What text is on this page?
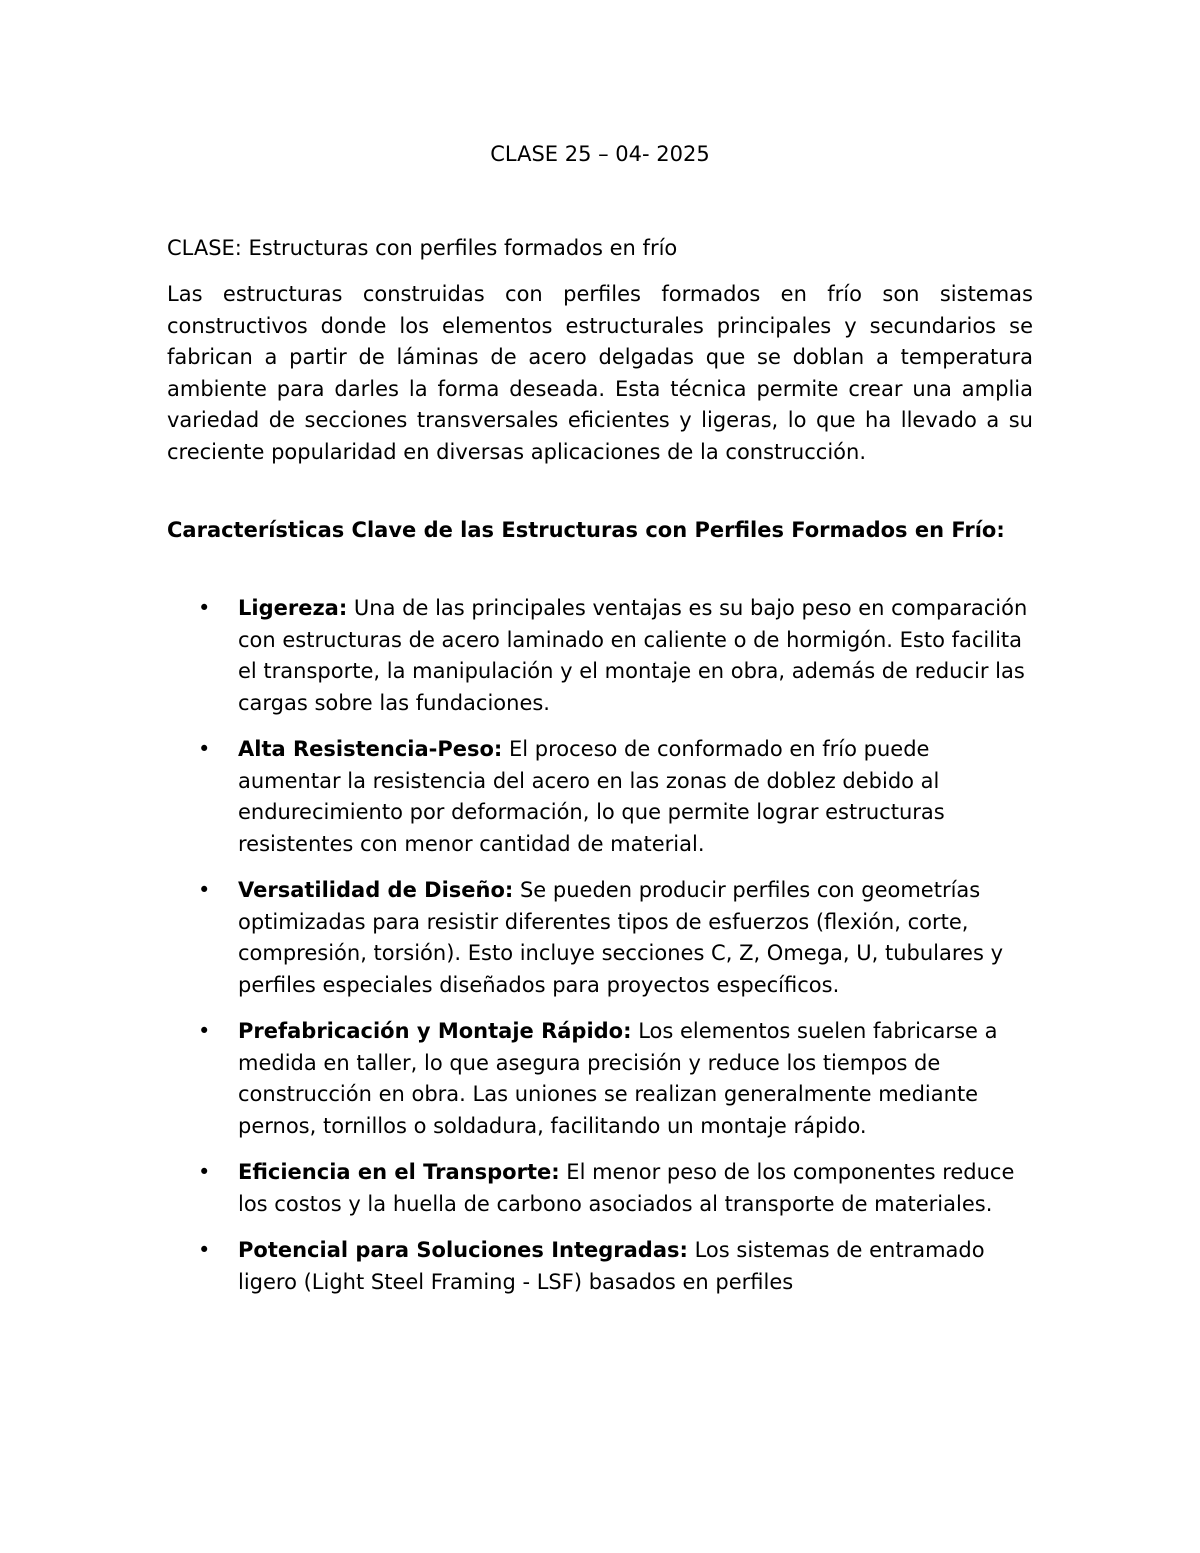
CLASE 25 – 04- 2025

CLASE: Estructuras con perfiles formados en frío

Las estructuras construidas con perfiles formados en frío son sistemas constructivos donde los elementos estructurales principales y secundarios se fabrican a partir de láminas de acero delgadas que se doblan a temperatura ambiente para darles la forma deseada. Esta técnica permite crear una amplia variedad de secciones transversales eficientes y ligeras, lo que ha llevado a su creciente popularidad en diversas aplicaciones de la construcción.

Características Clave de las Estructuras con Perfiles Formados en Frío:
• Ligereza: Una de las principales ventajas es su bajo peso en comparación con estructuras de acero laminado en caliente o de hormigón. Esto facilita el transporte, la manipulación y el montaje en obra, además de reducir las cargas sobre las fundaciones.
• Alta Resistencia-Peso: El proceso de conformado en frío puede aumentar la resistencia del acero en las zonas de doblez debido al endurecimiento por deformación, lo que permite lograr estructuras resistentes con menor cantidad de material.
• Versatilidad de Diseño: Se pueden producir perfiles con geometrías optimizadas para resistir diferentes tipos de esfuerzos (flexión, corte, compresión, torsión). Esto incluye secciones C, Z, Omega, U, tubulares y perfiles especiales diseñados para proyectos específicos.
• Prefabricación y Montaje Rápido: Los elementos suelen fabricarse a medida en taller, lo que asegura precisión y reduce los tiempos de construcción en obra. Las uniones se realizan generalmente mediante pernos, tornillos o soldadura, facilitando un montaje rápido.
• Eficiencia en el Transporte: El menor peso de los componentes reduce los costos y la huella de carbono asociados al transporte de materiales.
• Potencial para Soluciones Integradas: Los sistemas de entramado ligero (Light Steel Framing - LSF) basados en perfiles
